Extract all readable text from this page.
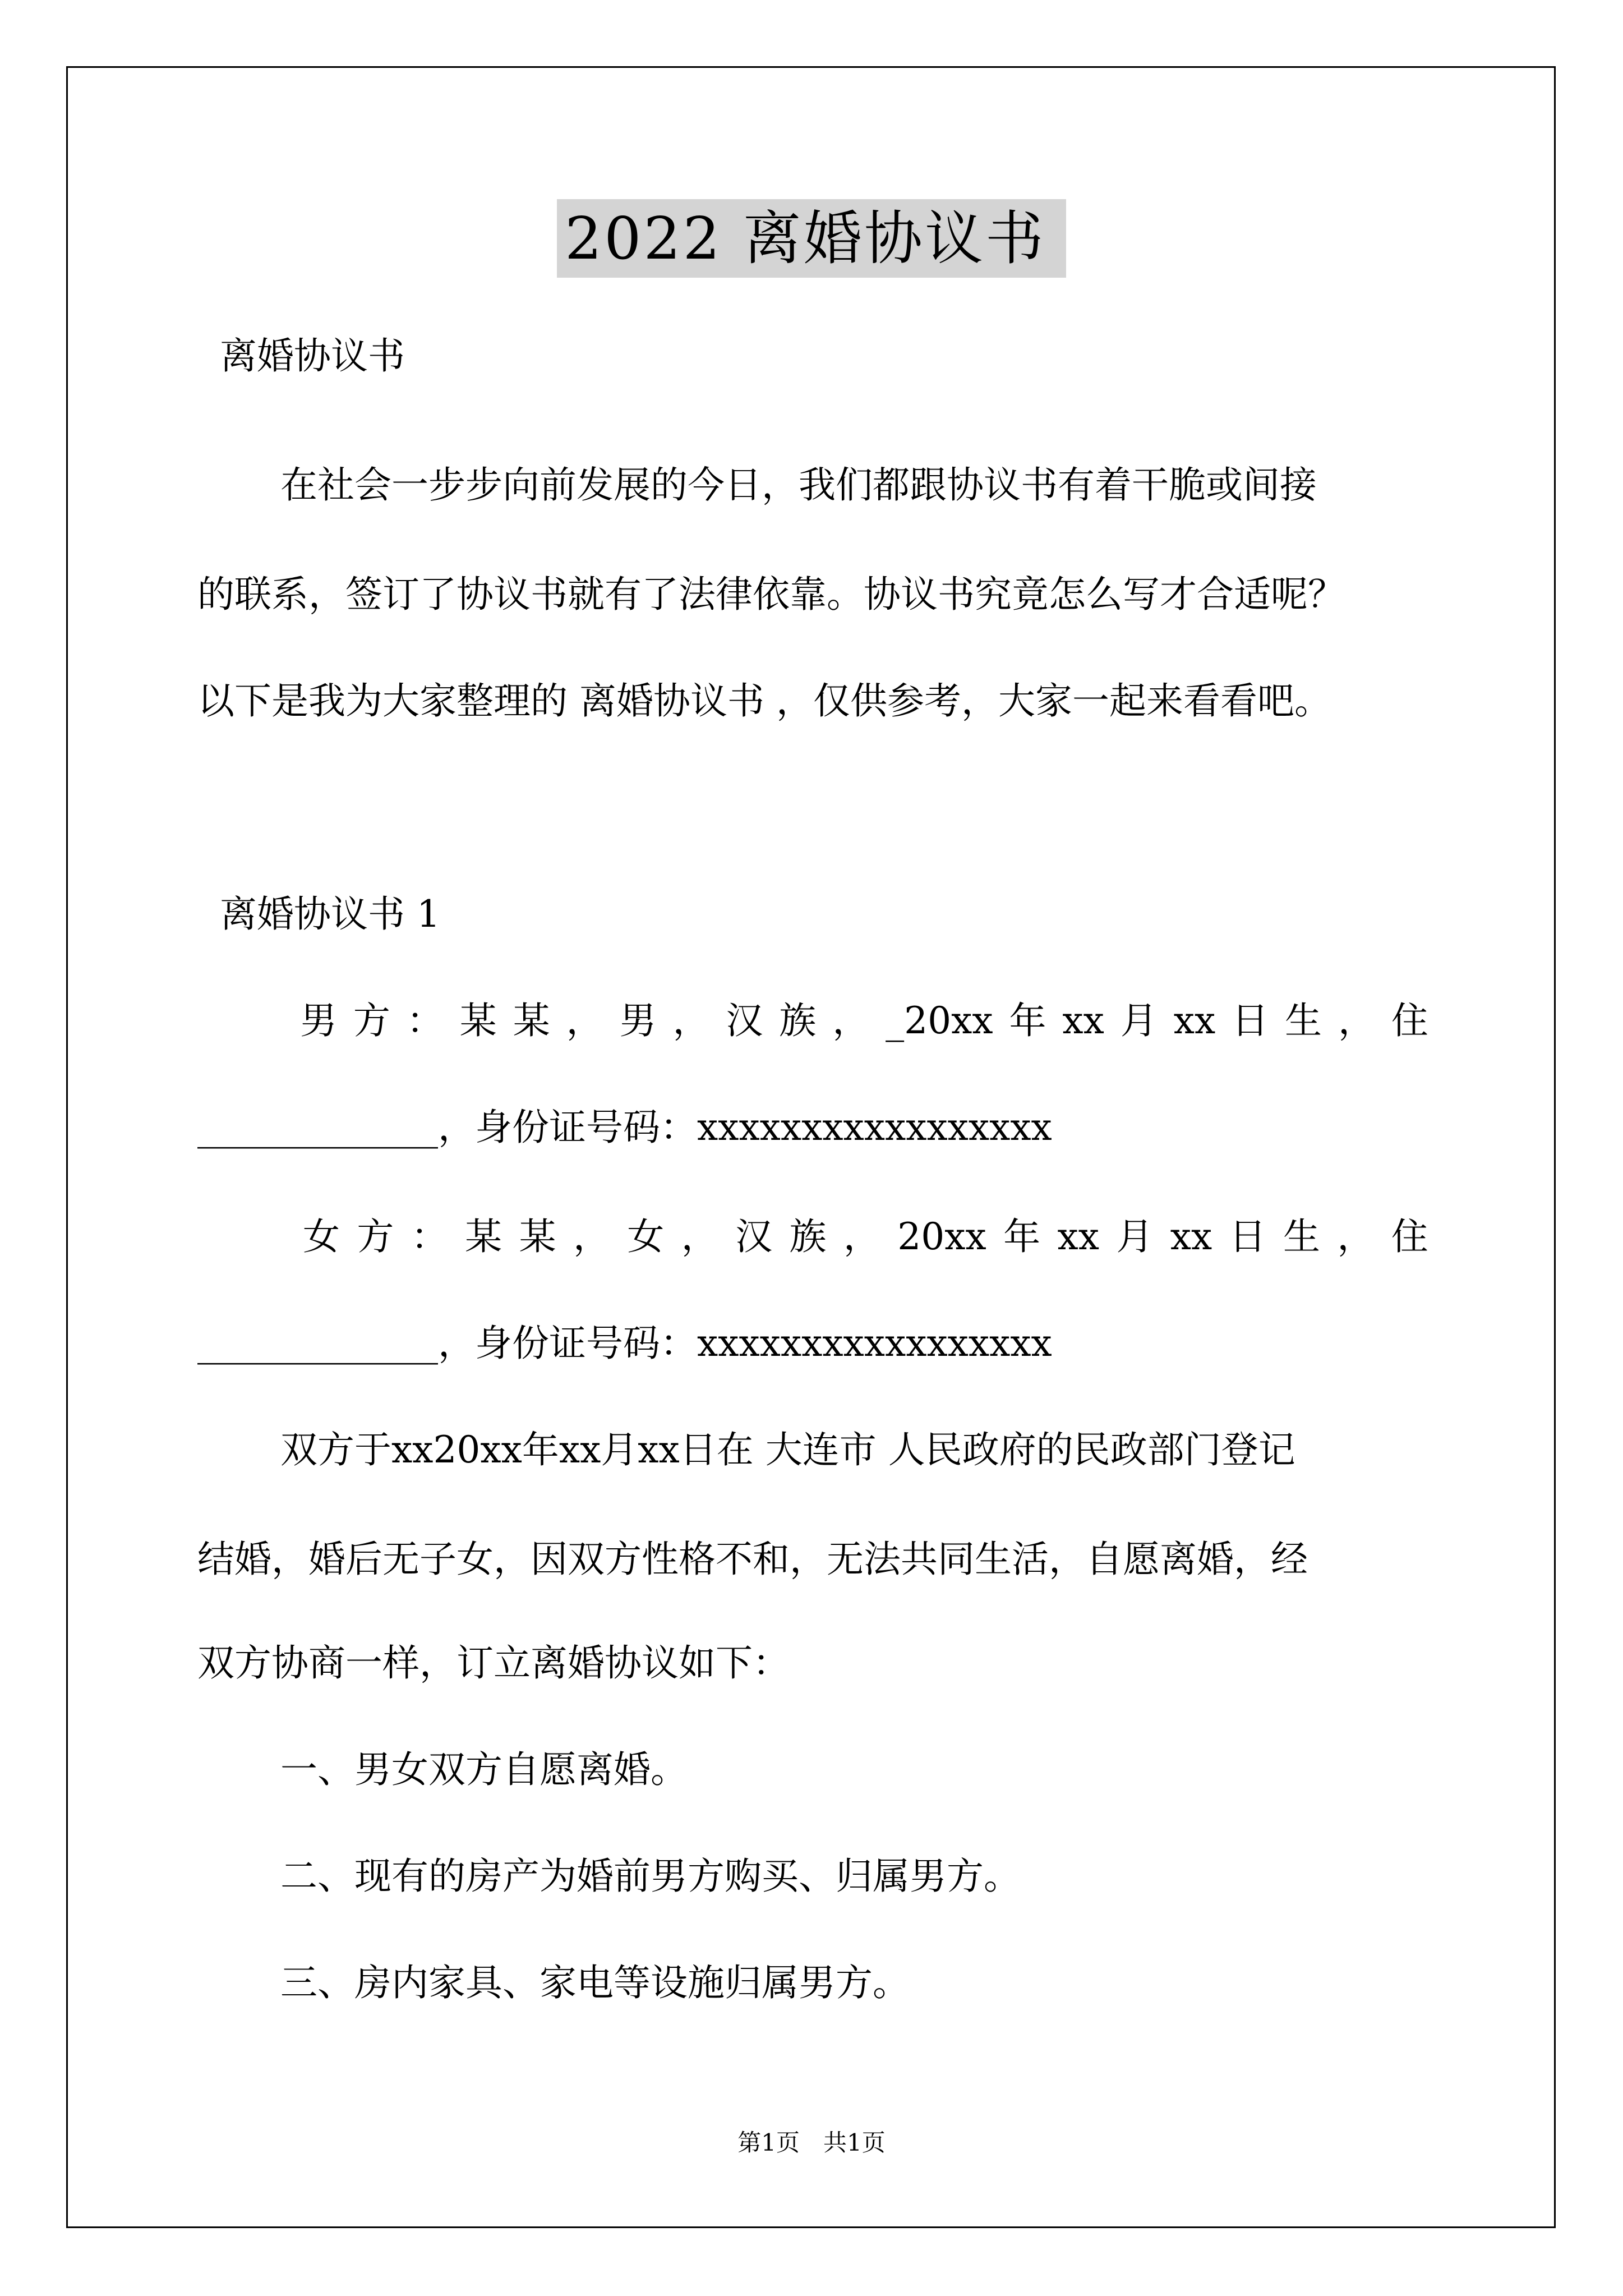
2022 离婚协议书
离婚协议书
在社会一步步向前发展的今日，我们都跟协议书有着干脆或间接
的联系，签订了协议书就有了法律依靠。协议书究竟怎么写才合适呢？
以下是我为大家整理的 离婚协议书 ，仅供参考，大家一起来看看吧。
离婚协议书 1
男 方 ： 某 某 ， 男 ， 汉 族 ， _20xx 年 xx 月 xx 日 生 ， 住
_____________，身份证号码：xxxxxxxxxxxxxxxxx
女 方 ： 某 某 ， 女 ， 汉 族 ， 20xx 年 xx 月 xx 日 生 ， 住
_____________，身份证号码：xxxxxxxxxxxxxxxxx
双方于xx20xx年xx月xx日在 大连市 人民政府的民政部门登记
结婚，婚后无子女，因双方性格不和，无法共同生活，自愿离婚，经
双方协商一样，订立离婚协议如下：
一、男女双方自愿离婚。
二、现有的房产为婚前男方购买、归属男方。
三、房内家具、家电等设施归属男方。
第1页　共1页
